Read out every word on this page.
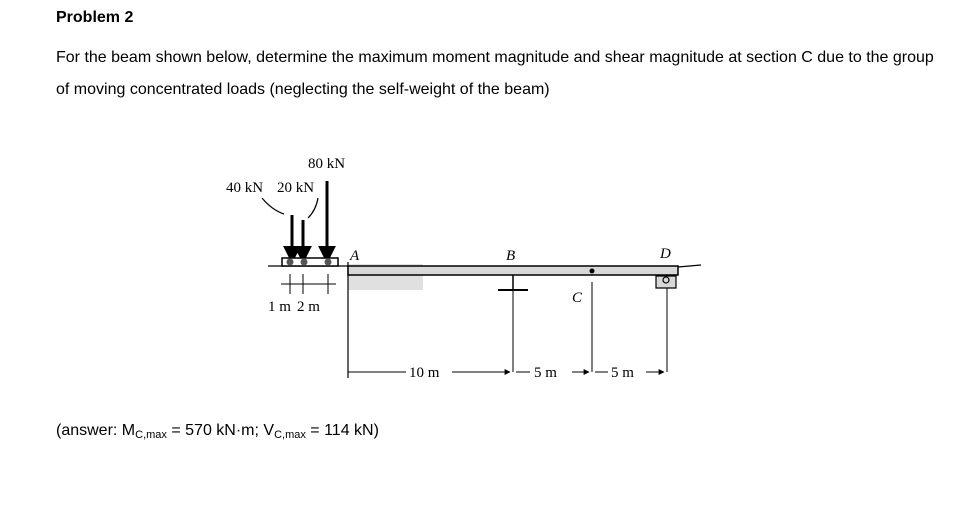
Problem 2
For the beam shown below, determine the maximum moment magnitude and shear magnitude at section C due to the group of moving concentrated loads (neglecting the self-weight of the beam)
80 kN
40 kN 20 kN
1 m 2 m
A	B
C
D
10 m	5 m	5 m
(answer: $M_{C,max} = 570$ kN·m; $V_{C,max} = 114$ kN)
